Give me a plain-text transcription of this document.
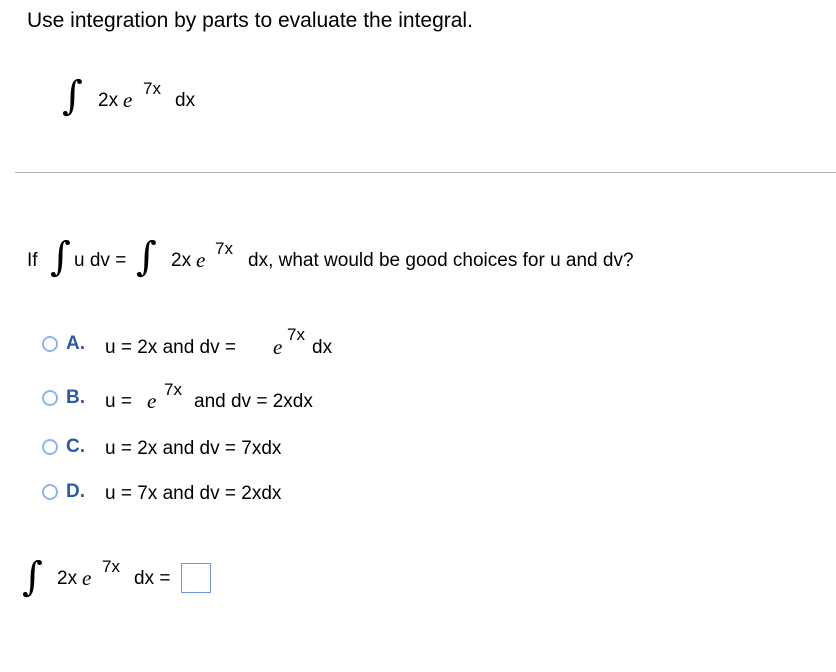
Use integration by parts to evaluate the integral.
∫ 2x e 7x
dx
If ∫ u dv = ∫ 2x e 7x
dx, what would be good choices for u and dv?
A. u = 2x and dv = e
7x
dx
B. u = e 7x
and dv = 2xdx
C. u = 2x and dv = 7xdx
D. u = 7x and dv = 2xdx
∫ 2x e 7x
dx =
